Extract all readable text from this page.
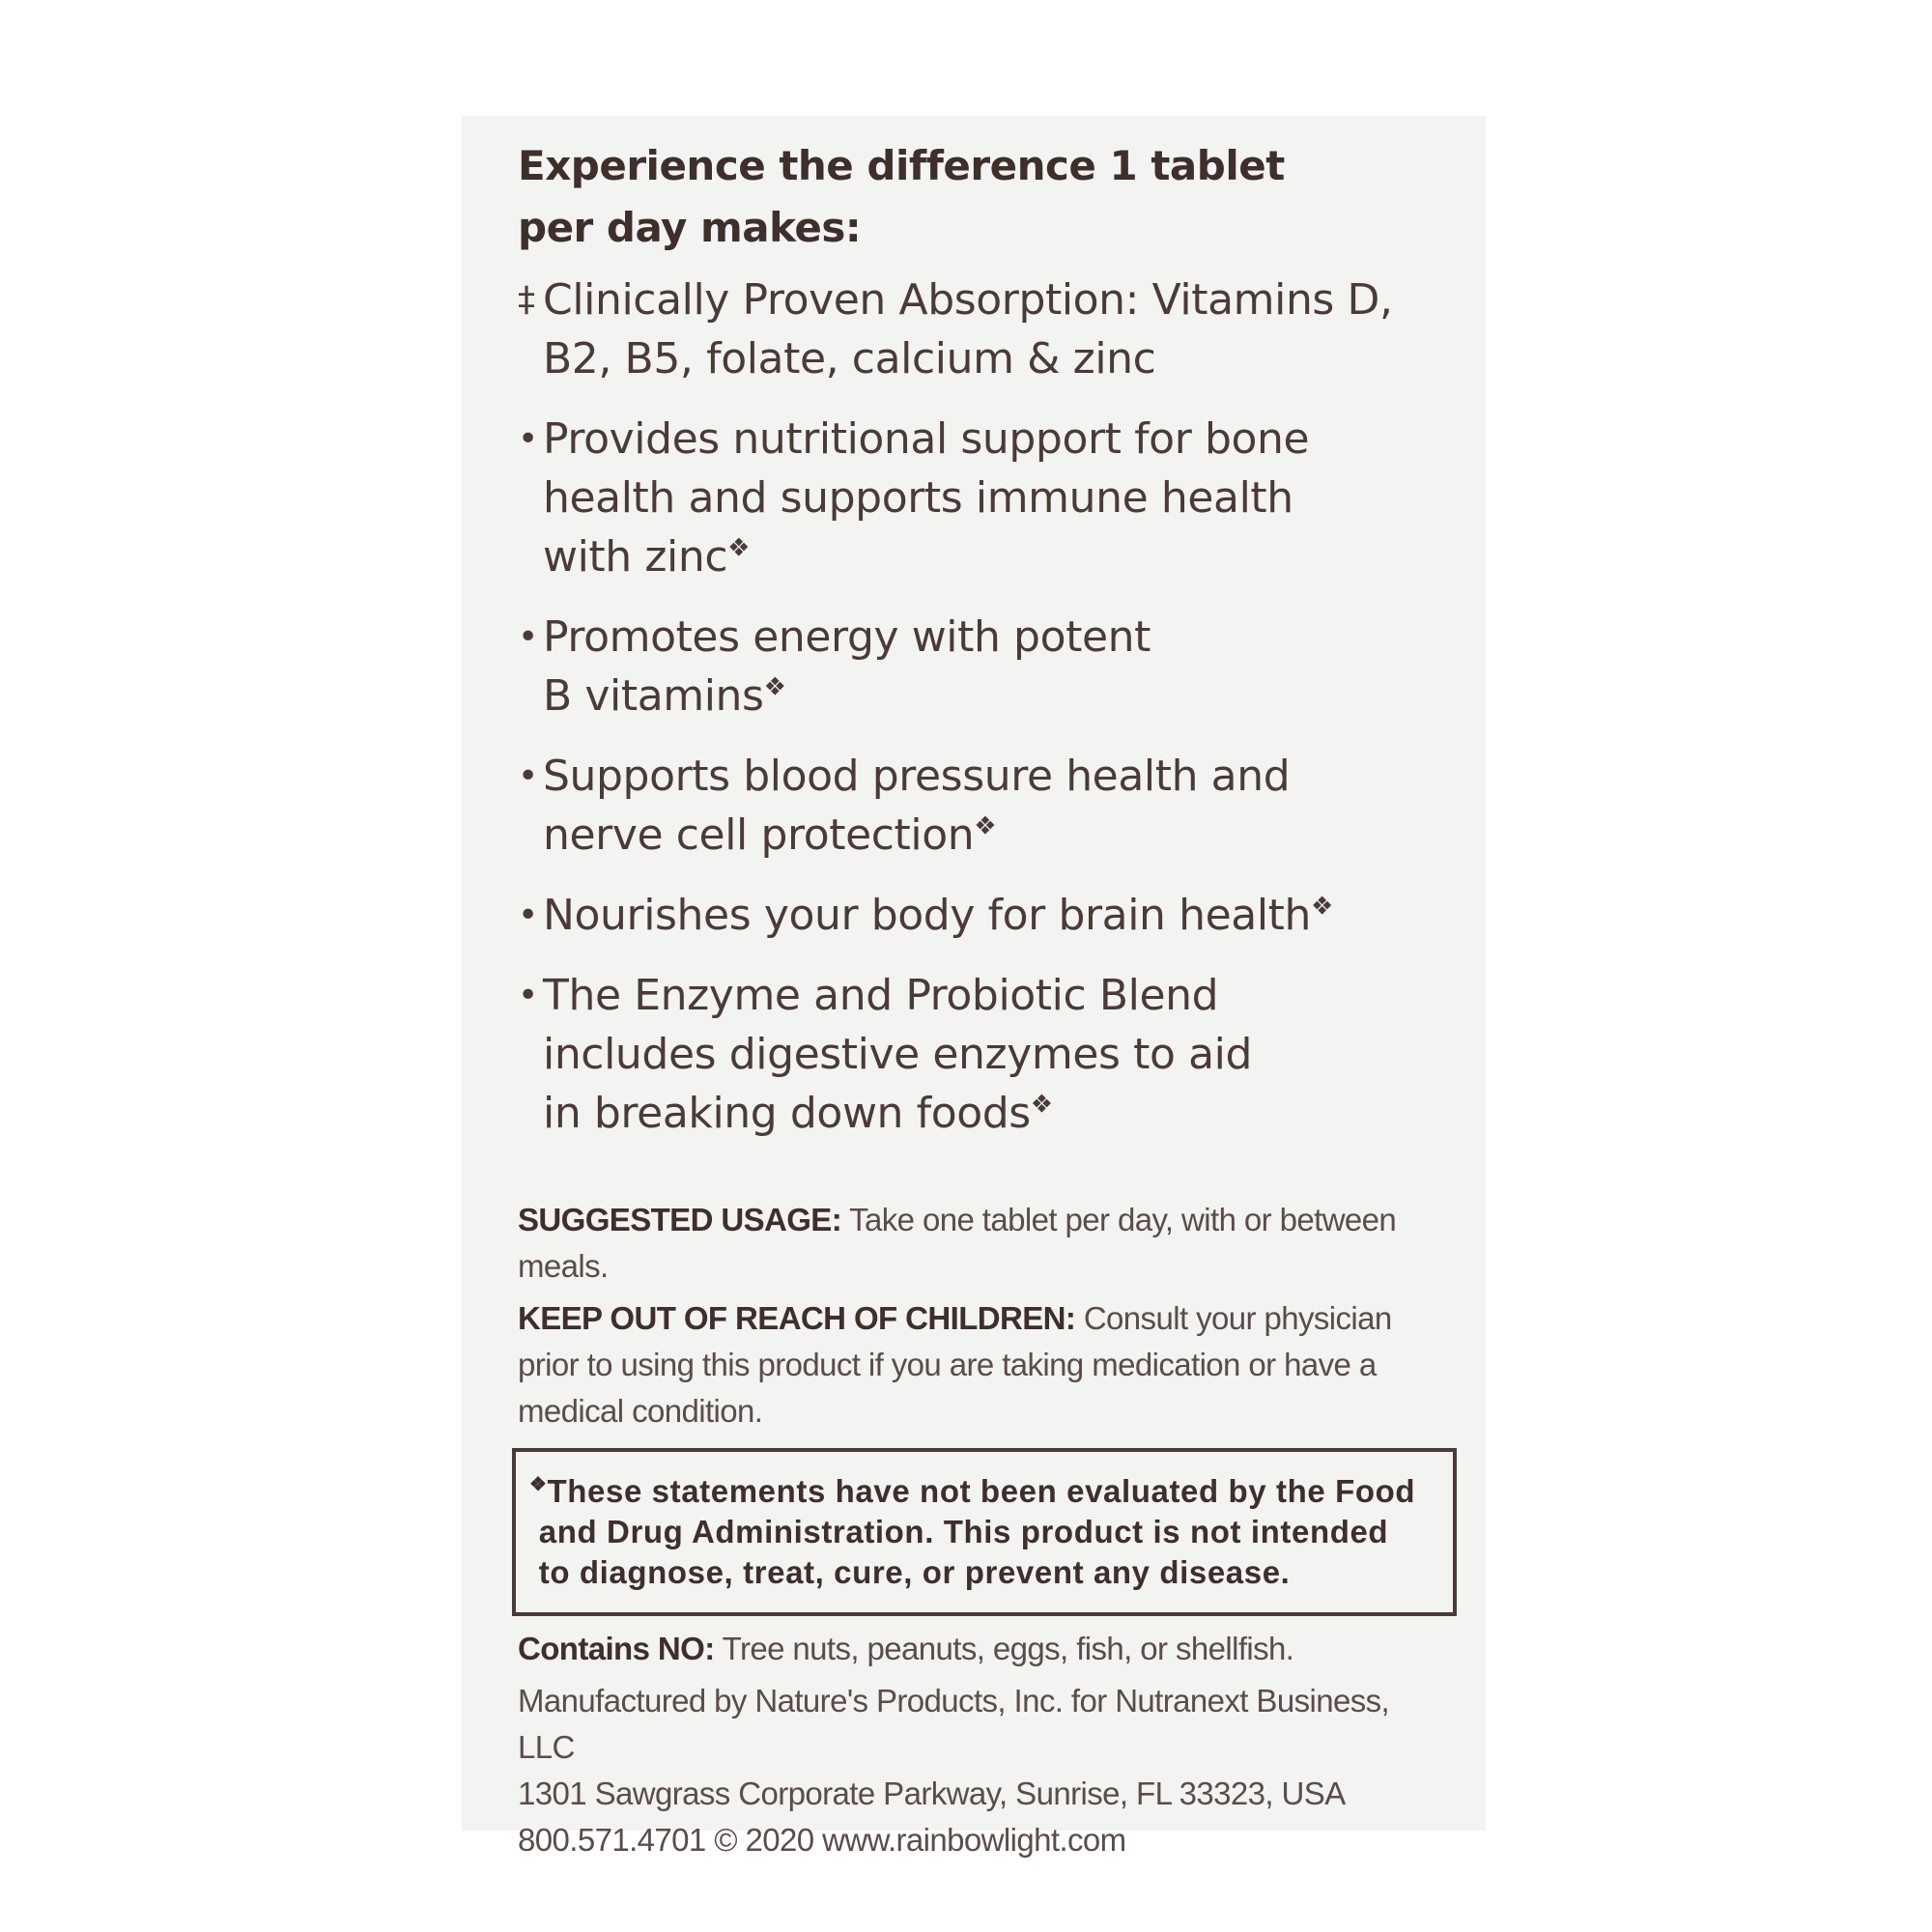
Experience the difference 1 tablet
per day makes:
‡ Clinically Proven Absorption: Vitamins D,
B2, B5, folate, calcium & zinc
• Provides nutritional support for bone
health and supports immune health
with zinc❖
• Promotes energy with potent
B vitamins❖
• Supports blood pressure health and
nerve cell protection❖
• Nourishes your body for brain health❖
• The Enzyme and Probiotic Blend
includes digestive enzymes to aid
in breaking down foods❖

SUGGESTED USAGE: Take one tablet per day, with or between meals.

KEEP OUT OF REACH OF CHILDREN: Consult your physician prior to using this product if you are taking medication or have a medical condition.

❖These statements have not been evaluated by the Food
and Drug Administration. This product is not intended
to diagnose, treat, cure, or prevent any disease.

Contains NO: Tree nuts, peanuts, eggs, fish, or shellfish.

Manufactured by Nature's Products, Inc. for Nutranext Business, LLC
1301 Sawgrass Corporate Parkway, Sunrise, FL 33323, USA
800.571.4701 © 2020 www.rainbowlight.com
